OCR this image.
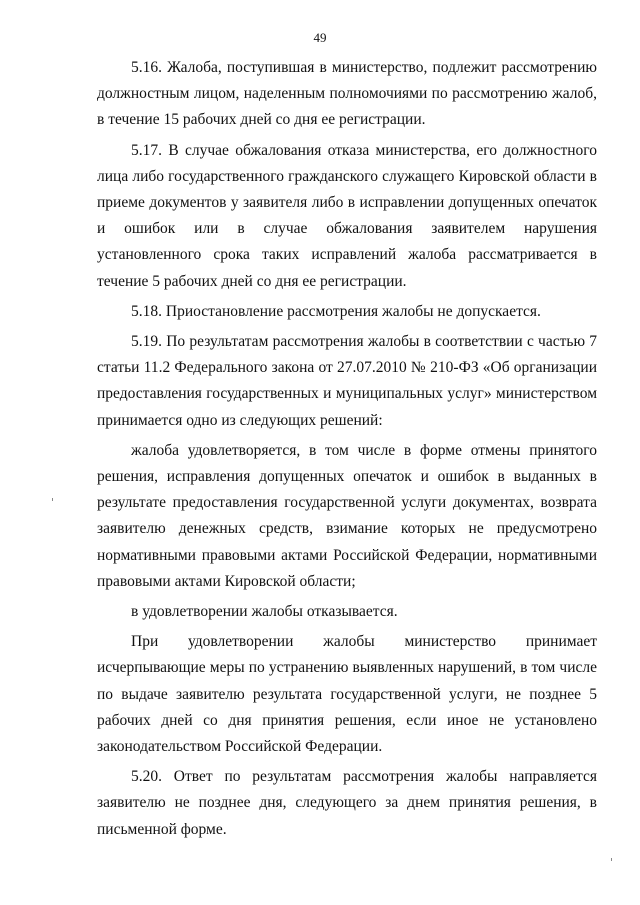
49

5.16. Жалоба, поступившая в министерство, подлежит рассмотрению должностным лицом, наделенным полномочиями по рассмотрению жалоб, в течение 15 рабочих дней со дня ее регистрации.

5.17. В случае обжалования отказа министерства, его должностного лица либо государственного гражданского служащего Кировской области в приеме документов у заявителя либо в исправлении допущенных опечаток и ошибок или в случае обжалования заявителем нарушения установленного срока таких исправлений жалоба рассматривается в течение 5 рабочих дней со дня ее регистрации.

5.18. Приостановление рассмотрения жалобы не допускается.

5.19. По результатам рассмотрения жалобы в соответствии с частью 7 статьи 11.2 Федерального закона от 27.07.2010 № 210-ФЗ «Об организации предоставления государственных и муниципальных услуг» министерством принимается одно из следующих решений:

жалоба удовлетворяется, в том числе в форме отмены принятого решения, исправления допущенных опечаток и ошибок в выданных в результате предоставления государственной услуги документах, возврата заявителю денежных средств, взимание которых не предусмотрено нормативными правовыми актами Российской Федерации, нормативными правовыми актами Кировской области;

в удовлетворении жалобы отказывается.

При удовлетворении жалобы министерство принимает исчерпывающие меры по устранению выявленных нарушений, в том числе по выдаче заявителю результата государственной услуги, не позднее 5 рабочих дней со дня принятия решения, если иное не установлено законодательством Российской Федерации.

5.20. Ответ по результатам рассмотрения жалобы направляется заявителю не позднее дня, следующего за днем принятия решения, в письменной форме.
